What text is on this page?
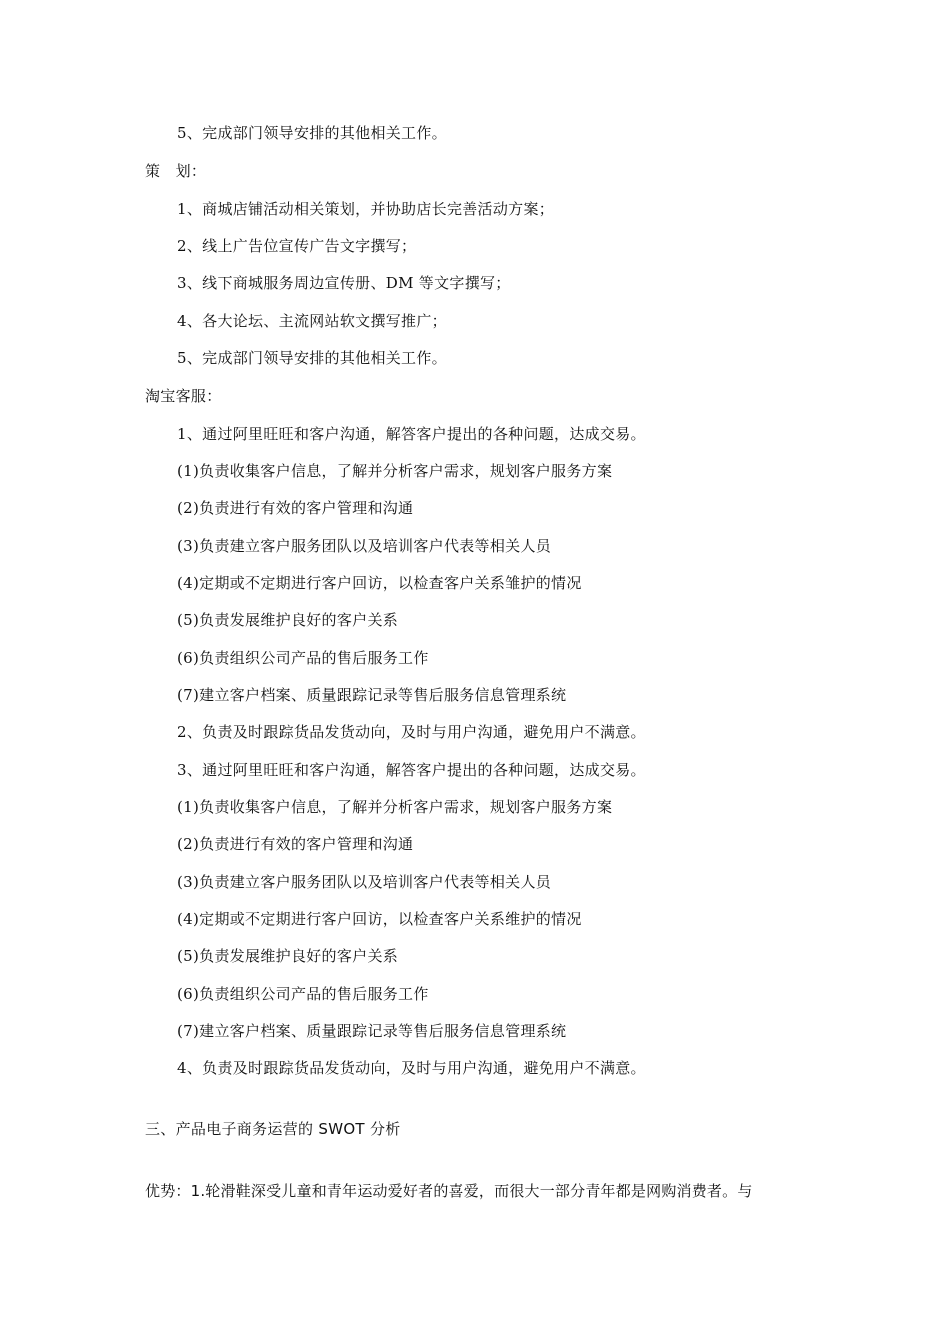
5、完成部门领导安排的其他相关工作。
策　划：
1、商城店铺活动相关策划，并协助店长完善活动方案；
2、线上广告位宣传广告文字撰写；
3、线下商城服务周边宣传册、DM 等文字撰写；
4、各大论坛、主流网站软文撰写推广；
5、完成部门领导安排的其他相关工作。
淘宝客服：
1、通过阿里旺旺和客户沟通，解答客户提出的各种问题，达成交易。
(1)负责收集客户信息，了解并分析客户需求，规划客户服务方案
(2)负责进行有效的客户管理和沟通
(3)负责建立客户服务团队以及培训客户代表等相关人员
(4)定期或不定期进行客户回访，以检查客户关系雏护的情况
(5)负责发展维护良好的客户关系
(6)负责组织公司产品的售后服务工作
(7)建立客户档案、质量跟踪记录等售后服务信息管理系统
2、负责及时跟踪货品发货动向，及时与用户沟通，避免用户不满意。
3、通过阿里旺旺和客户沟通，解答客户提出的各种问题，达成交易。
(1)负责收集客户信息，了解并分析客户需求，规划客户服务方案
(2)负责进行有效的客户管理和沟通
(3)负责建立客户服务团队以及培训客户代表等相关人员
(4)定期或不定期进行客户回访，以检查客户关系维护的情况
(5)负责发展维护良好的客户关系
(6)负责组织公司产品的售后服务工作
(7)建立客户档案、质量跟踪记录等售后服务信息管理系统
4、负责及时跟踪货品发货动向，及时与用户沟通，避免用户不满意。
三、产品电子商务运营的 SWOT 分析
优势：1.轮滑鞋深受儿童和青年运动爱好者的喜爱，而很大一部分青年都是网购消费者。与
